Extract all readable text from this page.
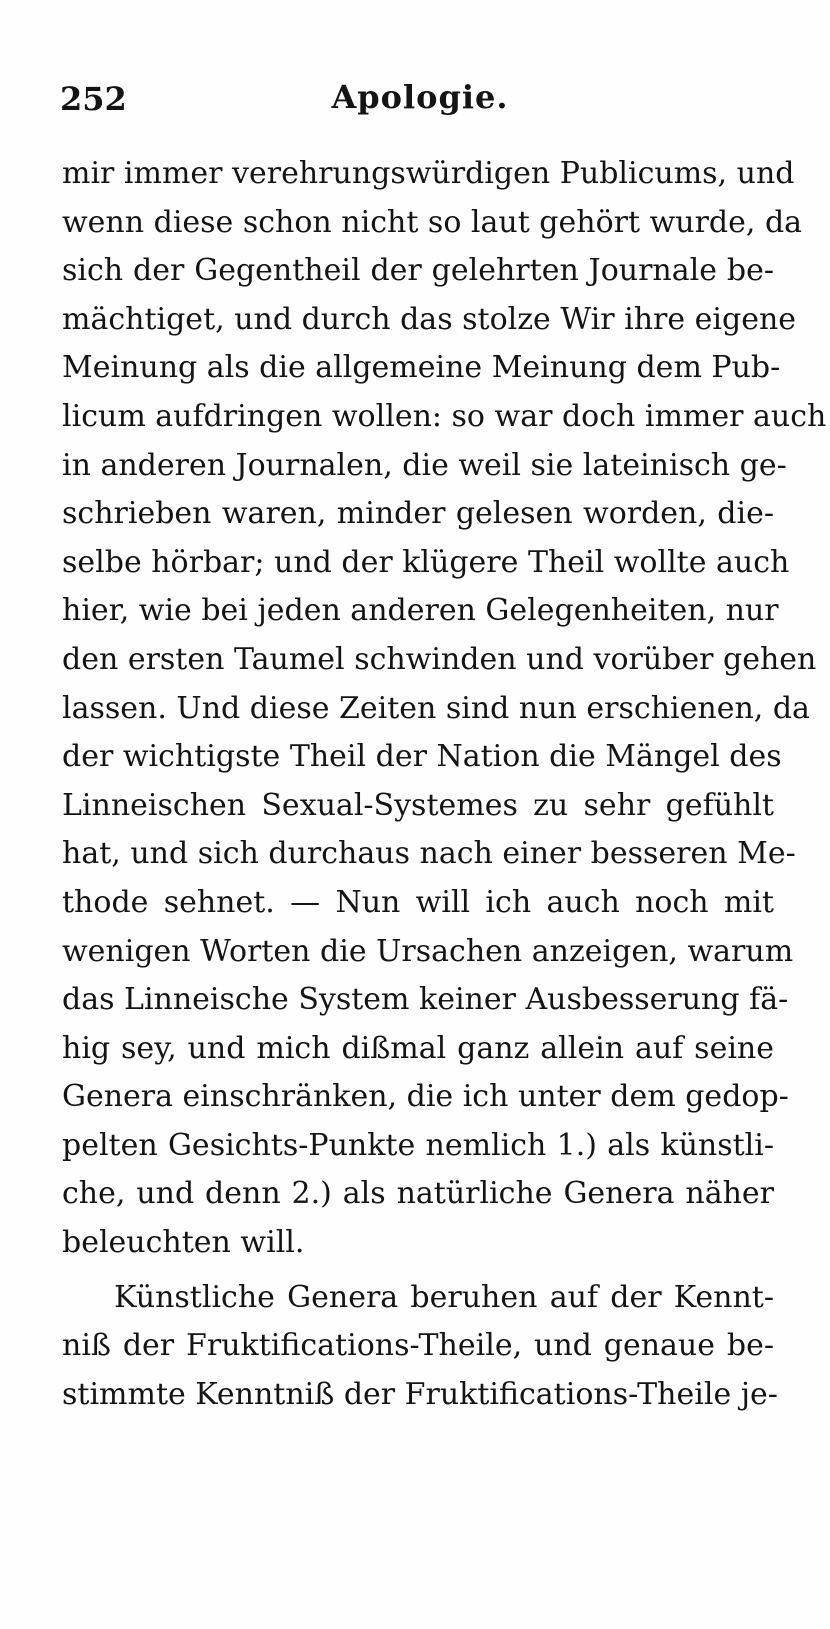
252	Apologie.
mir immer verehrungswürdigen Publicums, und
wenn diese schon nicht so laut gehört wurde, da
sich der Gegentheil der gelehrten Journale be-
mächtiget, und durch das stolze Wir ihre eigene
Meinung als die allgemeine Meinung dem Pub-
licum aufdringen wollen: so war doch immer auch
in anderen Journalen, die weil sie lateinisch ge-
schrieben waren, minder gelesen worden, die-
selbe hörbar; und der klügere Theil wollte auch
hier, wie bei jeden anderen Gelegenheiten, nur
den ersten Taumel schwinden und vorüber gehen
lassen. Und diese Zeiten sind nun erschienen, da
der wichtigste Theil der Nation die Mängel des
Linneischen Sexual-Systemes zu sehr gefühlt
hat, und sich durchaus nach einer besseren Me-
thode sehnet. — Nun will ich auch noch mit
wenigen Worten die Ursachen anzeigen, warum
das Linneische System keiner Ausbesserung fä-
hig sey, und mich dißmal ganz allein auf seine
Genera einschränken, die ich unter dem gedop-
pelten Gesichts-Punkte nemlich 1.) als künstli-
che, und denn 2.) als natürliche Genera näher
beleuchten will.
Künstliche Genera beruhen auf der Kennt-
niß der Fruktifications-Theile, und genaue be-
stimmte Kenntniß der Fruktifications-Theile je-
